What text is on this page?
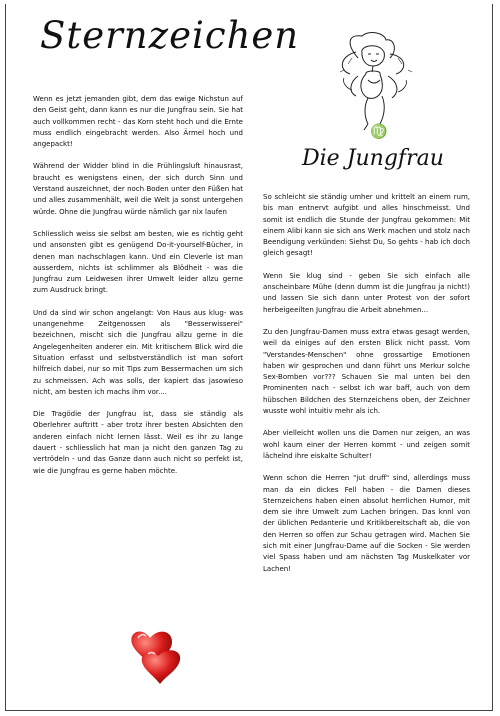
Sternzeichen
♍
Die Jungfrau

Wenn es jetzt jemanden gibt, dem das ewige Nichstun auf den Geist geht, dann kann es nur die Jungfrau sein. Sie hat auch vollkommen recht - das Korn steht hoch und die Ernte muss endlich eingebracht werden. Also Ärmel hoch und angepackt!

Während der Widder blind in die Frühlingsluft hinausrast, braucht es wenigstens einen, der sich durch Sinn und Verstand auszeichnet, der noch Boden unter den Füßen hat und alles zusammenhält, weil die Welt ja sonst untergehen würde. Ohne die Jungfrau würde nämlich gar nix laufen

Schliesslich weiss sie selbst am besten, wie es richtig geht und ansonsten gibt es genügend Do-it-yourself-Bücher, in denen man nachschlagen kann. Und ein Cleverle ist man ausserdem, nichts ist schlimmer als Blödheit - was die Jungfrau zum Leidwesen ihrer Umwelt leider allzu gerne zum Ausdruck bringt.

Und da sind wir schon angelangt: Von Haus aus klug- was unangenehme Zeitgenossen als "Besserwisserei" bezeichnen, mischt sich die Jungfrau allzu gerne in die Angelegenheiten anderer ein. Mit kritischem Blick wird die Situation erfasst und selbstverständlich ist man sofort hilfreich dabei, nur so mit Tips zum Bessermachen um sich zu schmeissen. Ach was solls, der kapiert das jasowieso nicht, am besten ich machs ihm vor....

Die Tragödie der Jungfrau ist, dass sie ständig als Oberlehrer auftritt - aber trotz ihrer besten Absichten den anderen einfach nicht lernen lässt. Weil es ihr zu lange dauert - schliesslich hat man ja nicht den ganzen Tag zu vertrödeln - und das Ganze dann auch nicht so perfekt ist, wie die Jungfrau es gerne haben möchte.

So schleicht sie ständig umher und krittelt an einem rum, bis man entnervt aufgibt und alles hinschmeisst. Und somit ist endlich die Stunde der Jungfrau gekommen: Mit einem Alibi kann sie sich ans Werk machen und stolz nach Beendigung verkünden: Siehst Du, So gehts - hab ich doch gleich gesagt!

Wenn Sie klug sind - geben Sie sich einfach alle anscheinbare Mühe (denn dumm ist die Jungfrau ja nicht!) und lassen Sie sich dann unter Protest von der sofort herbeigeeilten Jungfrau die Arbeit abnehmen...

Zu den Jungfrau-Damen muss extra etwas gesagt werden, weil da einiges auf den ersten Blick nicht passt. Vom "Verstandes-Menschen" ohne grossartige Emotionen haben wir gesprochen und dann führt uns Merkur solche Sex-Bomben vor??? Schauen Sie mal unten bei den Prominenten nach - selbst ich war baff, auch von dem hübschen Bildchen des Sternzeichens oben, der Zeichner wusste wohl intuitiv mehr als ich.

Aber vielleicht wollen uns die Damen nur zeigen, an was wohl kaum einer der Herren kommt - und zeigen somit lächelnd ihre eiskalte Schulter!

Wenn schon die Herren "jut druff" sind, allerdings muss man da ein dickes Fell haben - die Damen dieses Sternzeichens haben einen absolut herrlichen Humor, mit dem sie ihre Umwelt zum Lachen bringen. Das knnl von der üblichen Pedanterie und Kritikbereitschaft ab, die von den Herren so offen zur Schau getragen wird. Machen Sie sich mit einer Jungfrau-Dame auf die Socken - Sie werden viel Spass haben und am nächsten Tag Muskelkater vor Lachen!
